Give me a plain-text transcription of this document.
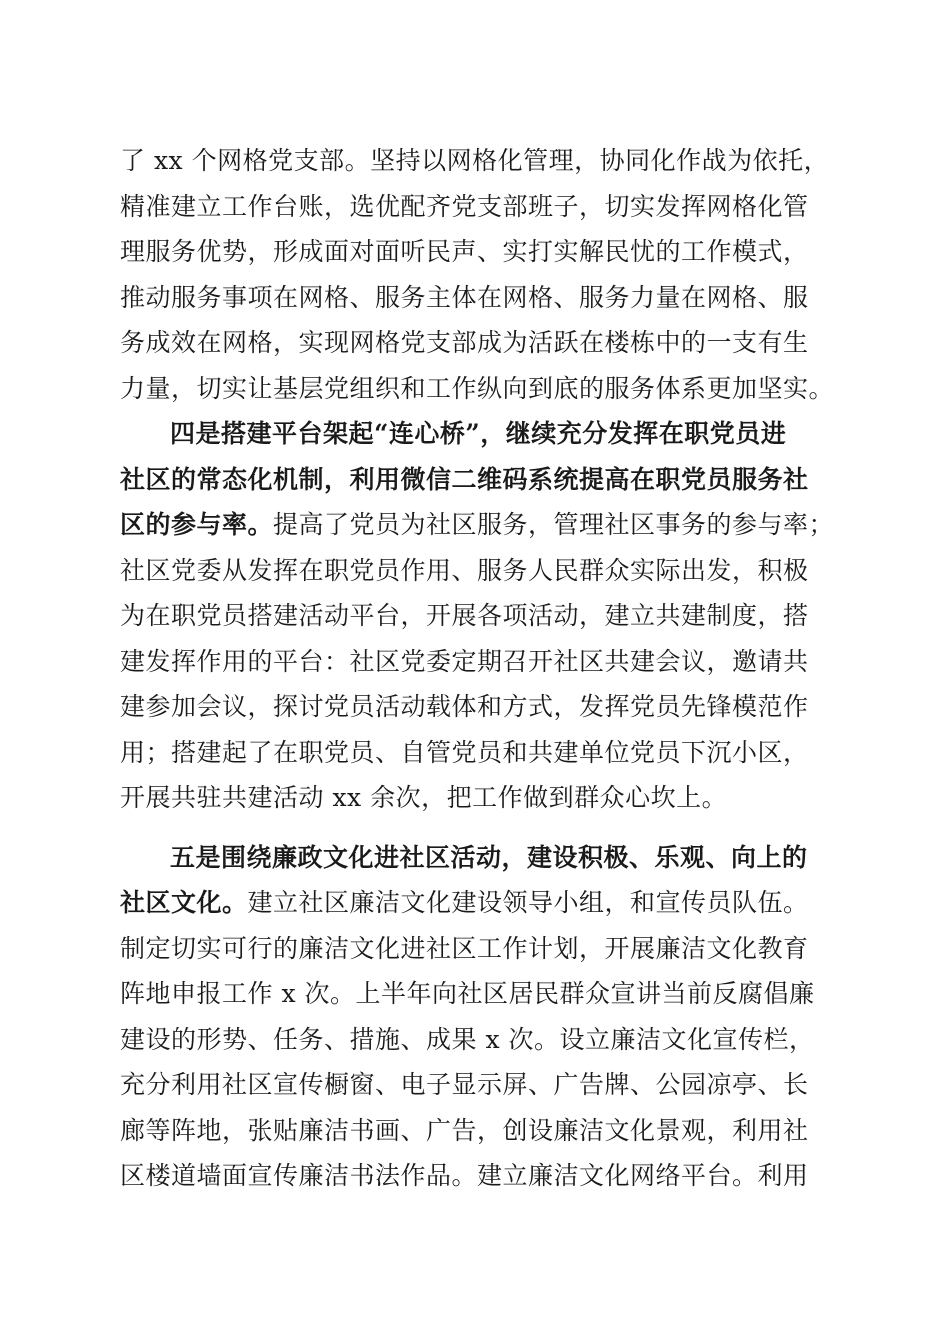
了 xx 个网格党支部。坚持以网格化管理，协同化作战为依托，
精准建立工作台账，选优配齐党支部班子，切实发挥网格化管
理服务优势，形成面对面听民声、实打实解民忧的工作模式，
推动服务事项在网格、服务主体在网格、服务力量在网格、服
务成效在网格，实现网格党支部成为活跃在楼栋中的一支有生
力量，切实让基层党组织和工作纵向到底的服务体系更加坚实。
四是搭建平台架起“连心桥”，继续充分发挥在职党员进
社区的常态化机制，利用微信二维码系统提高在职党员服务社
区的参与率。提高了党员为社区服务，管理社区事务的参与率；
社区党委从发挥在职党员作用、服务人民群众实际出发，积极
为在职党员搭建活动平台，开展各项活动，建立共建制度，搭
建发挥作用的平台：社区党委定期召开社区共建会议，邀请共
建参加会议，探讨党员活动载体和方式，发挥党员先锋模范作
用；搭建起了在职党员、自管党员和共建单位党员下沉小区，
开展共驻共建活动 xx 余次，把工作做到群众心坎上。
五是围绕廉政文化进社区活动，建设积极、乐观、向上的
社区文化。建立社区廉洁文化建设领导小组，和宣传员队伍。
制定切实可行的廉洁文化进社区工作计划，开展廉洁文化教育
阵地申报工作 x 次。上半年向社区居民群众宣讲当前反腐倡廉
建设的形势、任务、措施、成果 x 次。设立廉洁文化宣传栏，
充分利用社区宣传橱窗、电子显示屏、广告牌、公园凉亭、长
廊等阵地，张贴廉洁书画、广告，创设廉洁文化景观，利用社
区楼道墙面宣传廉洁书法作品。建立廉洁文化网络平台。利用
